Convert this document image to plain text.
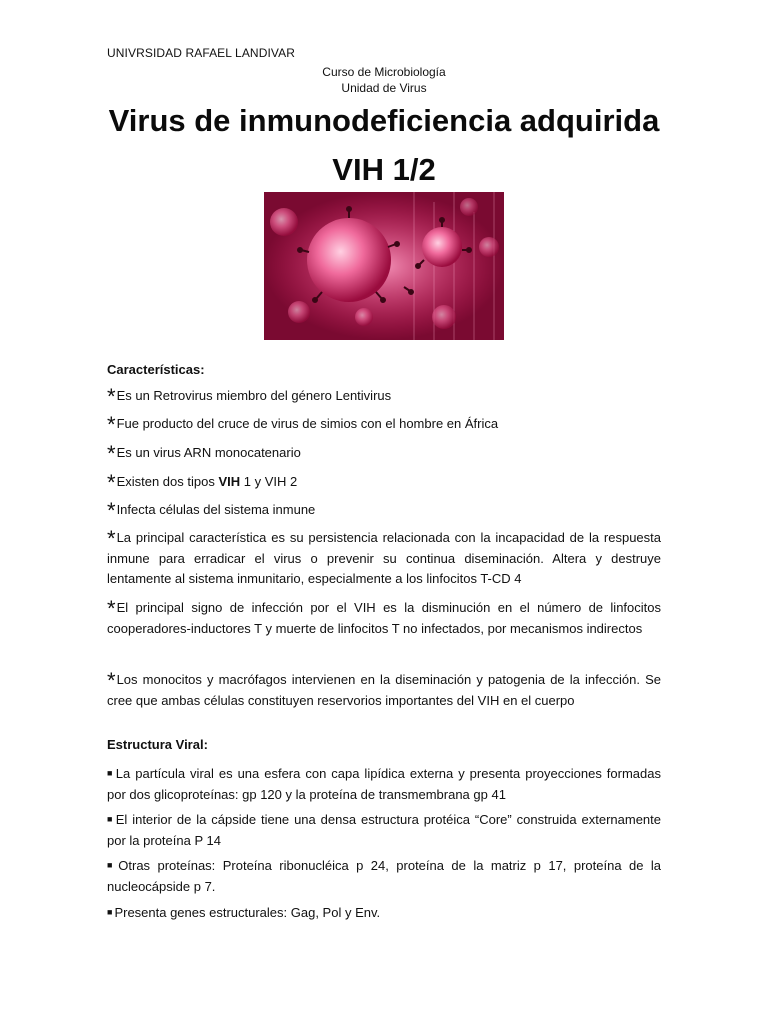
UNIVRSIDAD RAFAEL LANDIVAR
Curso de Microbiología
Unidad de Virus
Virus de inmunodeficiencia adquirida
VIH 1/2
Características:
*Es un Retrovirus miembro del género Lentivirus
*Fue producto del cruce de virus de simios con el hombre en África
*Es un virus ARN monocatenario
*Existen dos tipos VIH 1 y VIH 2
*Infecta células del sistema inmune
*La principal característica es su persistencia relacionada con la incapacidad de la respuesta inmune para erradicar el virus o prevenir su continua diseminación. Altera y destruye lentamente al sistema inmunitario, especialmente a los linfocitos T-CD 4
*El principal signo de infección por el VIH es la disminución en el número de linfocitos cooperadores-inductores T y muerte de linfocitos T no infectados, por mecanismos indirectos
*Los monocitos y macrófagos intervienen en la diseminación y patogenia de la infección. Se cree que ambas células constituyen reservorios importantes del VIH en el cuerpo
Estructura Viral:
■ La partícula viral es una esfera con capa lipídica externa y presenta proyecciones formadas por dos glicoproteínas: gp 120 y la proteína de transmembrana gp 41
■ El interior de la cápside tiene una densa estructura protéica “Core” construida externamente por la proteína P 14
■ Otras proteínas: Proteína ribonucléica p 24, proteína de la matriz p 17, proteína de la nucleocápside p 7.
■ Presenta genes estructurales: Gag, Pol y Env.
